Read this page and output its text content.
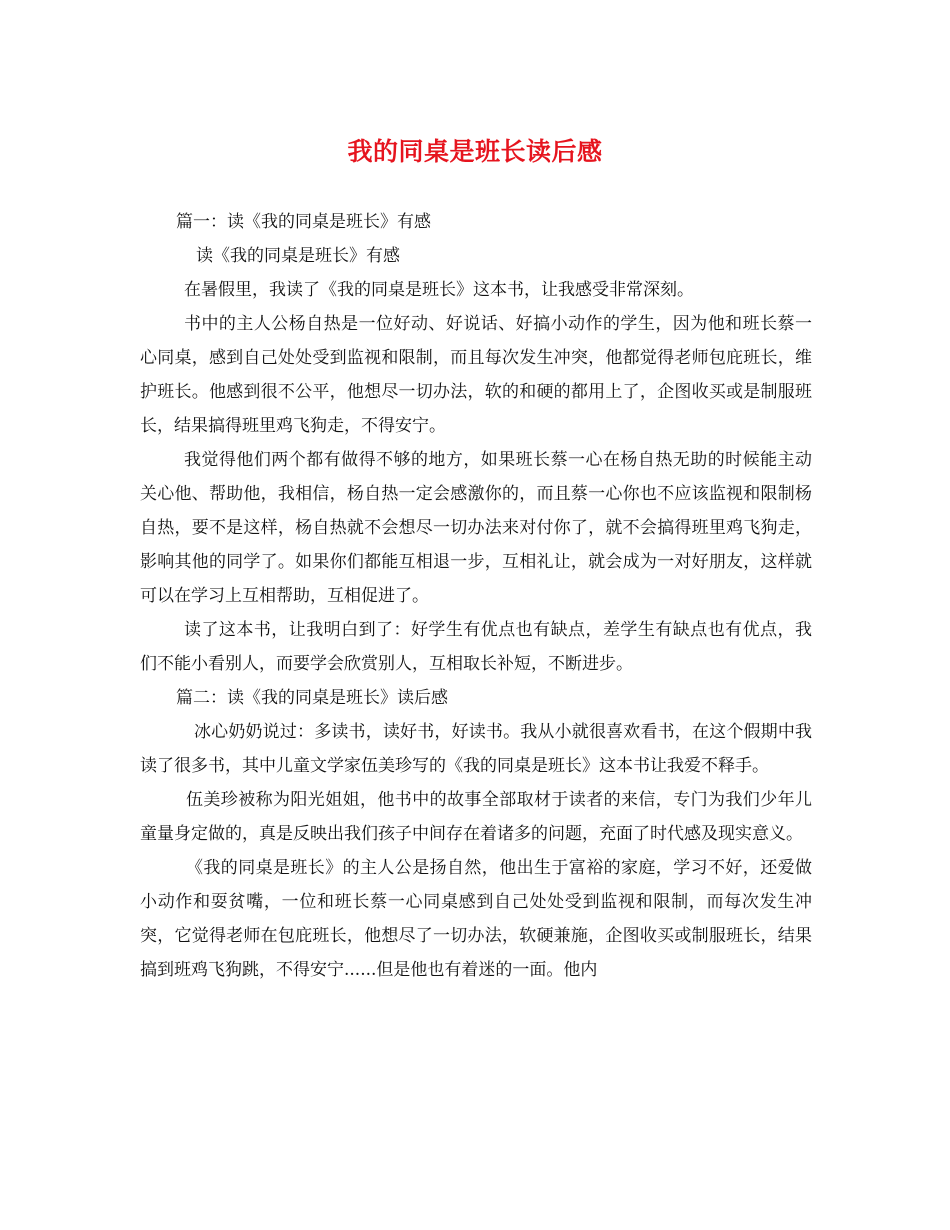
我的同桌是班长读后感

篇一：读《我的同桌是班长》有感

读《我的同桌是班长》有感

在暑假里，我读了《我的同桌是班长》这本书，让我感受非常深刻。

书中的主人公杨自热是一位好动、好说话、好搞小动作的学生，因为他和班长蔡一心同桌，感到自己处处受到监视和限制，而且每次发生冲突，他都觉得老师包庇班长，维护班长。他感到很不公平，他想尽一切办法，软的和硬的都用上了，企图收买或是制服班长，结果搞得班里鸡飞狗走，不得安宁。

我觉得他们两个都有做得不够的地方，如果班长蔡一心在杨自热无助的时候能主动关心他、帮助他，我相信，杨自热一定会感激你的，而且蔡一心你也不应该监视和限制杨自热，要不是这样，杨自热就不会想尽一切办法来对付你了，就不会搞得班里鸡飞狗走，影响其他的同学了。如果你们都能互相退一步，互相礼让，就会成为一对好朋友，这样就可以在学习上互相帮助，互相促进了。

读了这本书，让我明白到了：好学生有优点也有缺点，差学生有缺点也有优点，我们不能小看别人，而要学会欣赏别人，互相取长补短，不断进步。

篇二：读《我的同桌是班长》读后感

冰心奶奶说过：多读书，读好书，好读书。我从小就很喜欢看书，在这个假期中我读了很多书，其中儿童文学家伍美珍写的《我的同桌是班长》这本书让我爱不释手。

伍美珍被称为阳光姐姐，他书中的故事全部取材于读者的来信，专门为我们少年儿童量身定做的，真是反映出我们孩子中间存在着诸多的问题，充面了时代感及现实意义。

《我的同桌是班长》的主人公是扬自然，他出生于富裕的家庭，学习不好，还爱做小动作和耍贫嘴，一位和班长蔡一心同桌感到自己处处受到监视和限制，而每次发生冲突，它觉得老师在包庇班长，他想尽了一切办法，软硬兼施，企图收买或制服班长，结果搞到班鸡飞狗跳，不得安宁......但是他也有着迷的一面。他内
